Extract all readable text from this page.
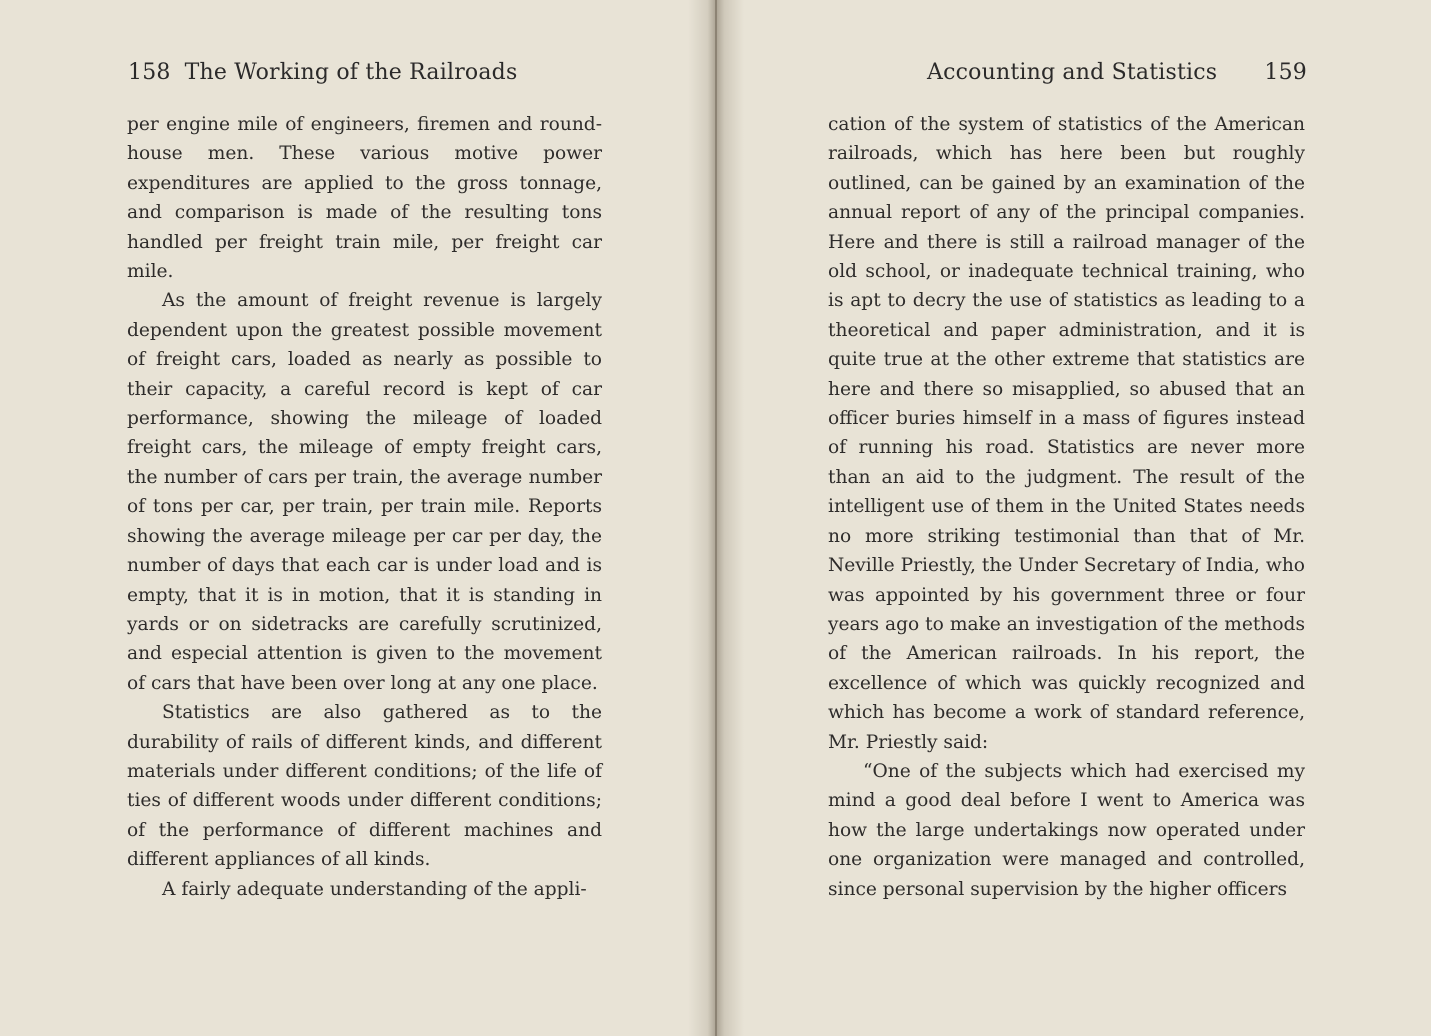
158 The Working of the Railroads

per engine mile of engineers, firemen and round-house men. These various motive power expenditures are applied to the gross tonnage, and comparison is made of the resulting tons handled per freight train mile, per freight car mile.

As the amount of freight revenue is largely dependent upon the greatest possible movement of freight cars, loaded as nearly as possible to their capacity, a careful record is kept of car performance, showing the mileage of loaded freight cars, the mileage of empty freight cars, the number of cars per train, the average number of tons per car, per train, per train mile. Reports showing the average mileage per car per day, the number of days that each car is under load and is empty, that it is in motion, that it is standing in yards or on sidetracks are carefully scrutinized, and especial attention is given to the movement of cars that have been over long at any one place.

Statistics are also gathered as to the durability of rails of different kinds, and different materials under different conditions; of the life of ties of different woods under different conditions; of the performance of different machines and different appliances of all kinds.

A fairly adequate understanding of the appli-

Accounting and Statistics 159

cation of the system of statistics of the American railroads, which has here been but roughly outlined, can be gained by an examination of the annual report of any of the principal companies. Here and there is still a railroad manager of the old school, or inadequate technical training, who is apt to decry the use of statistics as leading to a theoretical and paper administration, and it is quite true at the other extreme that statistics are here and there so misapplied, so abused that an officer buries himself in a mass of figures instead of running his road. Statistics are never more than an aid to the judgment. The result of the intelligent use of them in the United States needs no more striking testimonial than that of Mr. Neville Priestly, the Under Secretary of India, who was appointed by his government three or four years ago to make an investigation of the methods of the American railroads. In his report, the excellence of which was quickly recognized and which has become a work of standard reference, Mr. Priestly said:

“One of the subjects which had exercised my mind a good deal before I went to America was how the large undertakings now operated under one organization were managed and controlled, since personal supervision by the higher officers
